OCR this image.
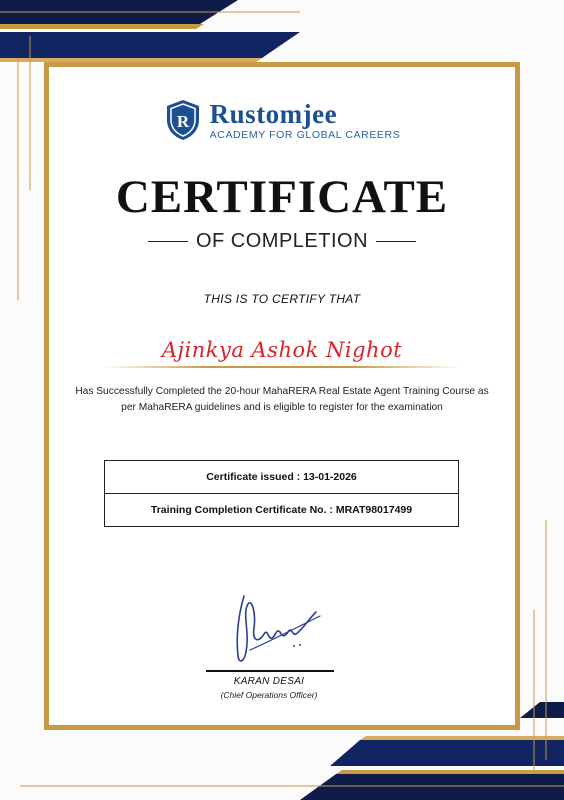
R Rustomjee
ACADEMY FOR GLOBAL CAREERS
CERTIFICATE
OF COMPLETION
THIS IS TO CERTIFY THAT
Ajinkya Ashok Nighot
Has Successfully Completed the 20-hour MahaRERA Real Estate Agent Training Course as per MahaRERA guidelines and is eligible to register for the examination
Certificate issued : 13-01-2026
Training Completion Certificate No. : MRAT98017499
KARAN DESAI
(Chief Operations Officer)
